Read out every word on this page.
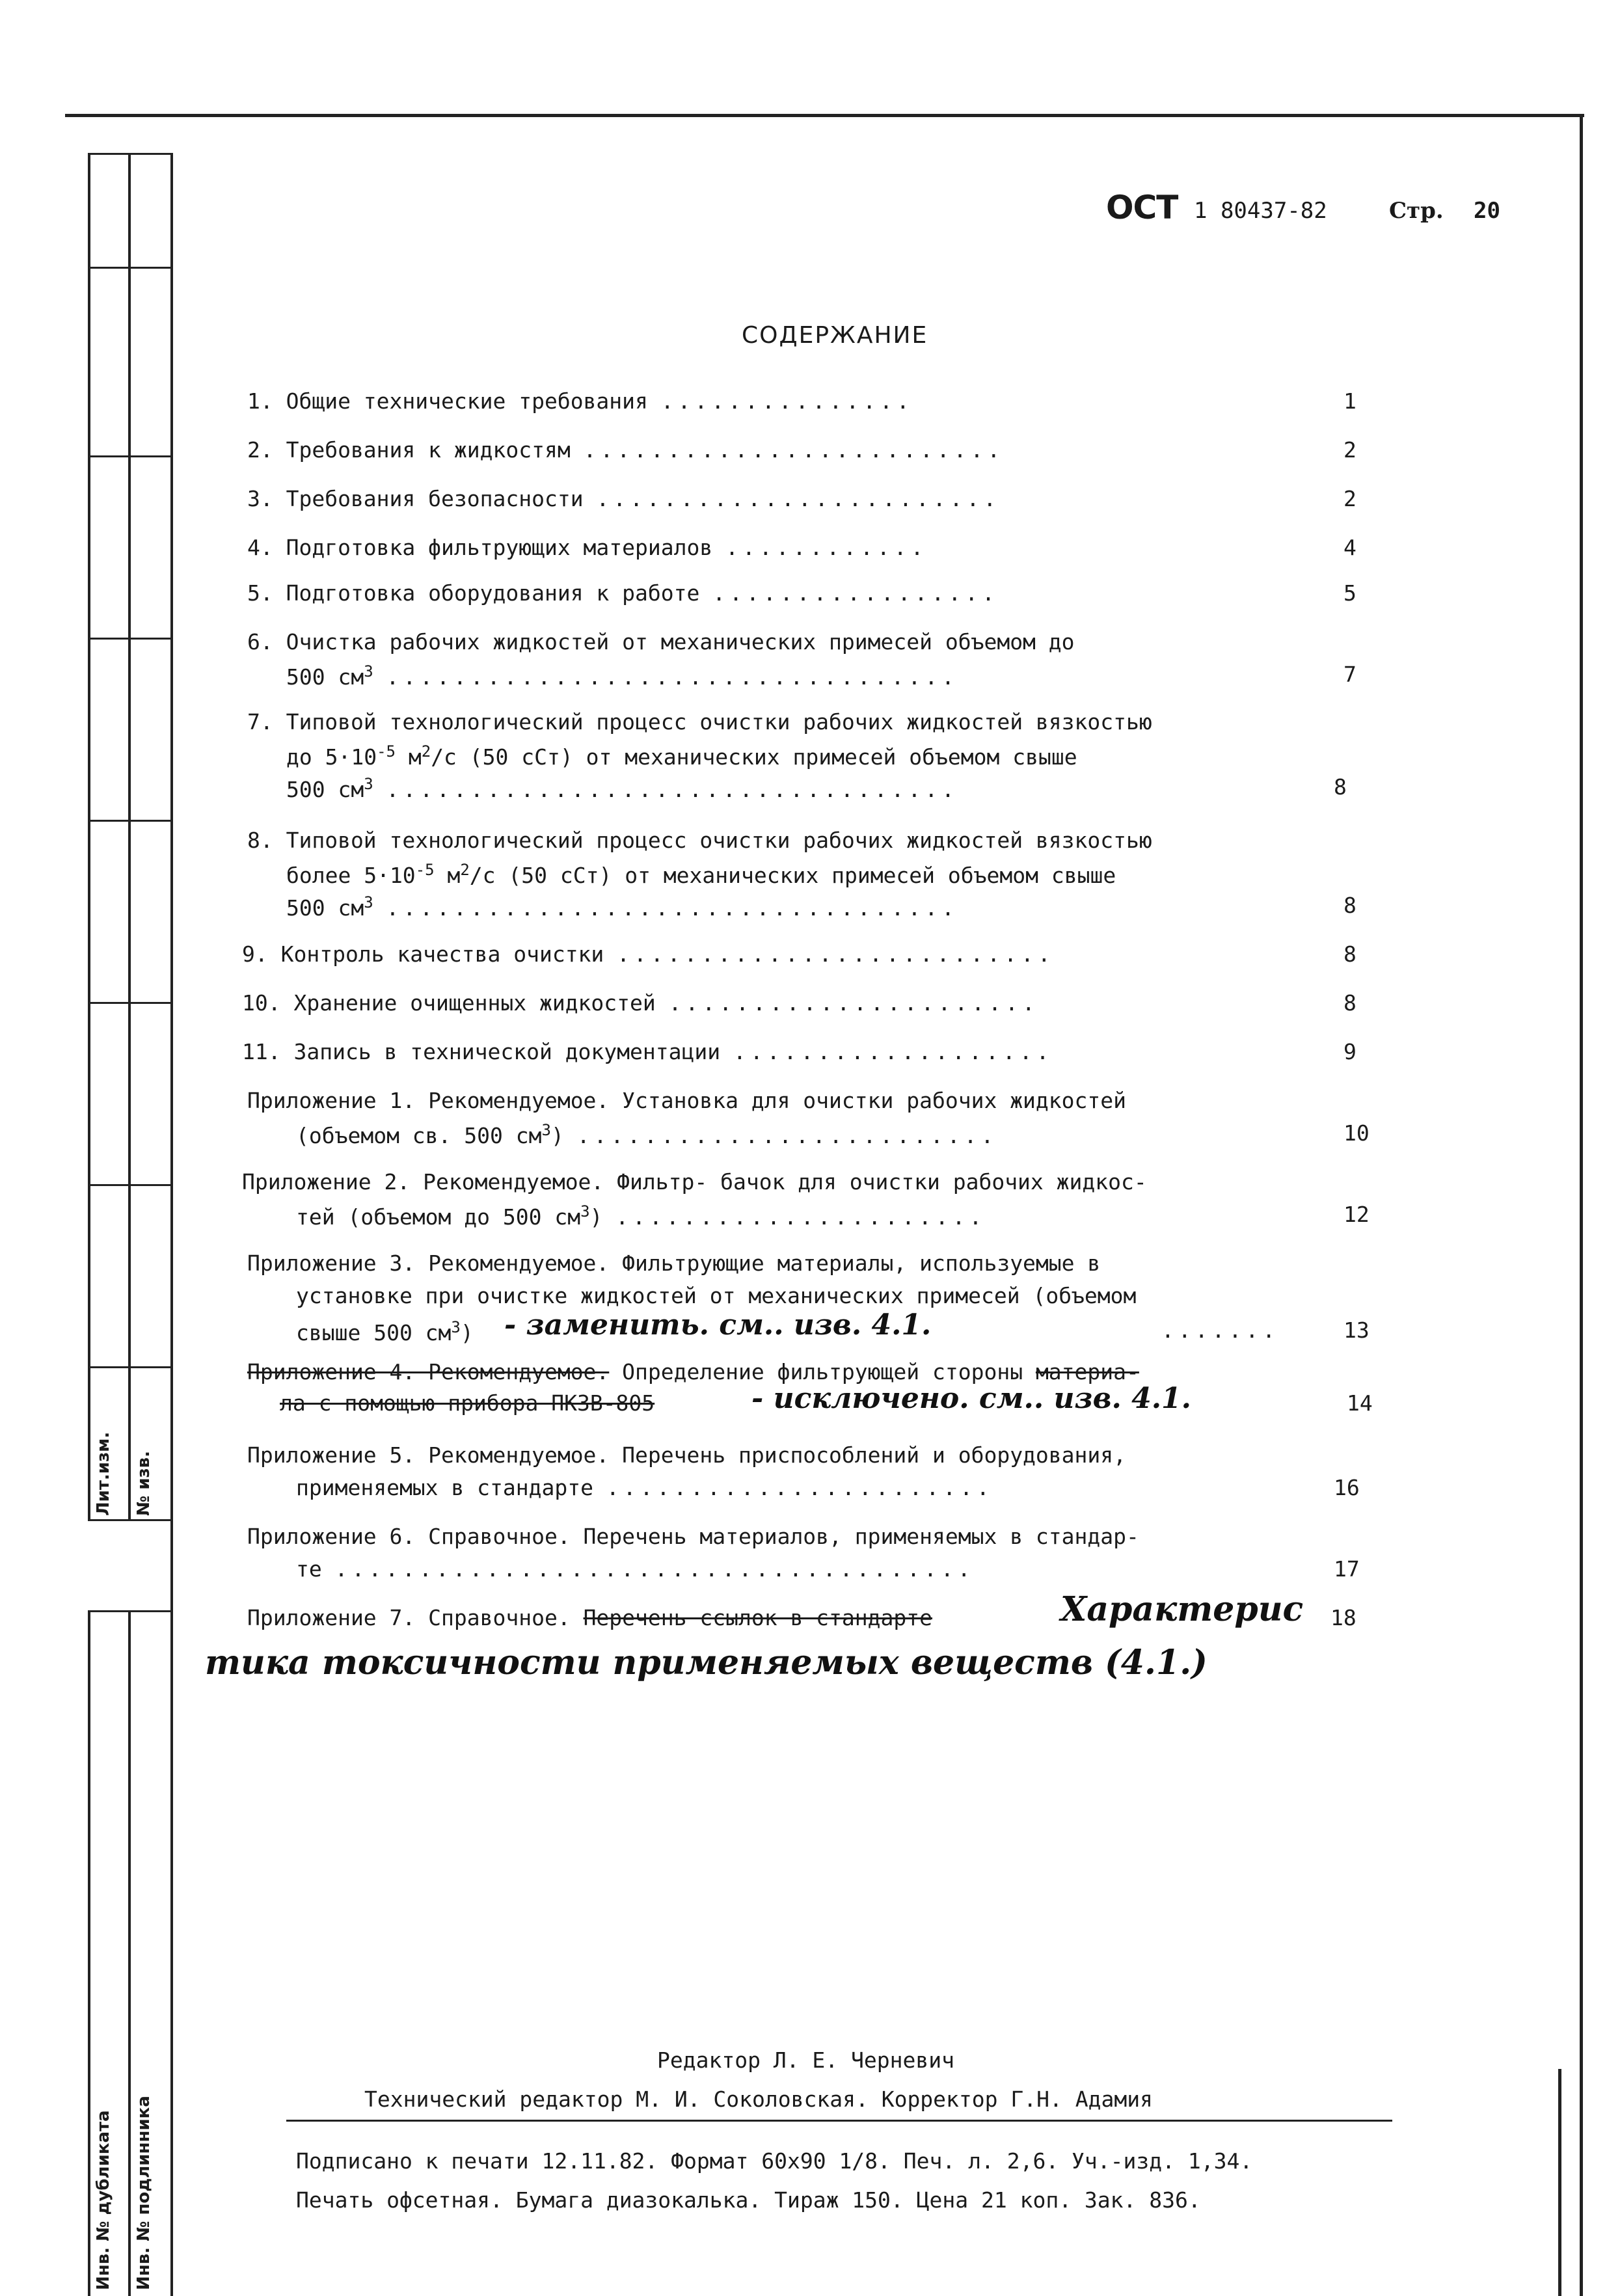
Лит.изм. № изв.
Инв. № дубликата Инв. № подлинника
ОСТ 1 80437-82	Стр. 20
СОДЕРЖАНИЕ
1. Общие технические требования ...............	1
2. Требования к жидкостям .........................	2
3. Требования безопасности ........................	2
4. Подготовка фильтрующих материалов ............	4
5. Подготовка оборудования к работе .................	5
6. Очистка рабочих жидкостей от механических примесей объемом до
500 $см^3$ ..................................	7
7. Типовой технологический процесс очистки рабочих жидкостей вязкостью
до $5\cdot 10^{-5}$ $м^2/с$ (50 сСт) от механических примесей объемом свыше
500 $см^3$ ..................................	8
8. Типовой технологический процесс очистки рабочих жидкостей вязкостью
более $5\cdot 10^{-5}$ $м^2/с$ (50 сСт) от механических примесей объемом свыше
500 $см^3$ ..................................	8
9. Контроль качества очистки ..........................	8
10. Хранение очищенных жидкостей ......................	8
11. Запись в технической документации ...................	9
Приложение 1. Рекомендуемое. Установка для очистки рабочих жидкостей
(объемом св. 500 $см^3$) .........................	10
Приложение 2. Рекомендуемое. Фильтр- бачок для очистки рабочих жидкос-
тей (объемом до 500 $см^3$) ......................	12
Приложение 3. Рекомендуемое. Фильтрующие материалы, используемые в
установке при очистке жидкостей от механических примесей (объемом
свыше 500 $см^3$) - заменить. см.. изв. 4.1.	.......	13
Приложение 4. Рекомендуемое. Определение фильтрующей стороны материа-
ла с помощью прибора ПКЗВ-805	- исключено. см.. изв. 4.1.	14
Приложение 5. Рекомендуемое. Перечень приспособлений и оборудования,
применяемых в стандарте .......................	16
Приложение 6. Справочное. Перечень материалов, применяемых в стандар-
те ......................................	17
Приложение 7. Справочное. Перечень ссылок в стандарте	Характерис 18
тика токсичности применяемых веществ (4.1.)
Редактор Л. Е. Черневич
Технический редактор М. И. Соколовская. Корректор Г.Н. Адамия
Подписано к печати 12.11.82. Формат 60х90 1/8. Печ. л. 2,6. Уч.-изд. 1,34.
Печать офсетная. Бумага диазокалька. Тираж 150. Цена 21 коп. Зак. 836.
